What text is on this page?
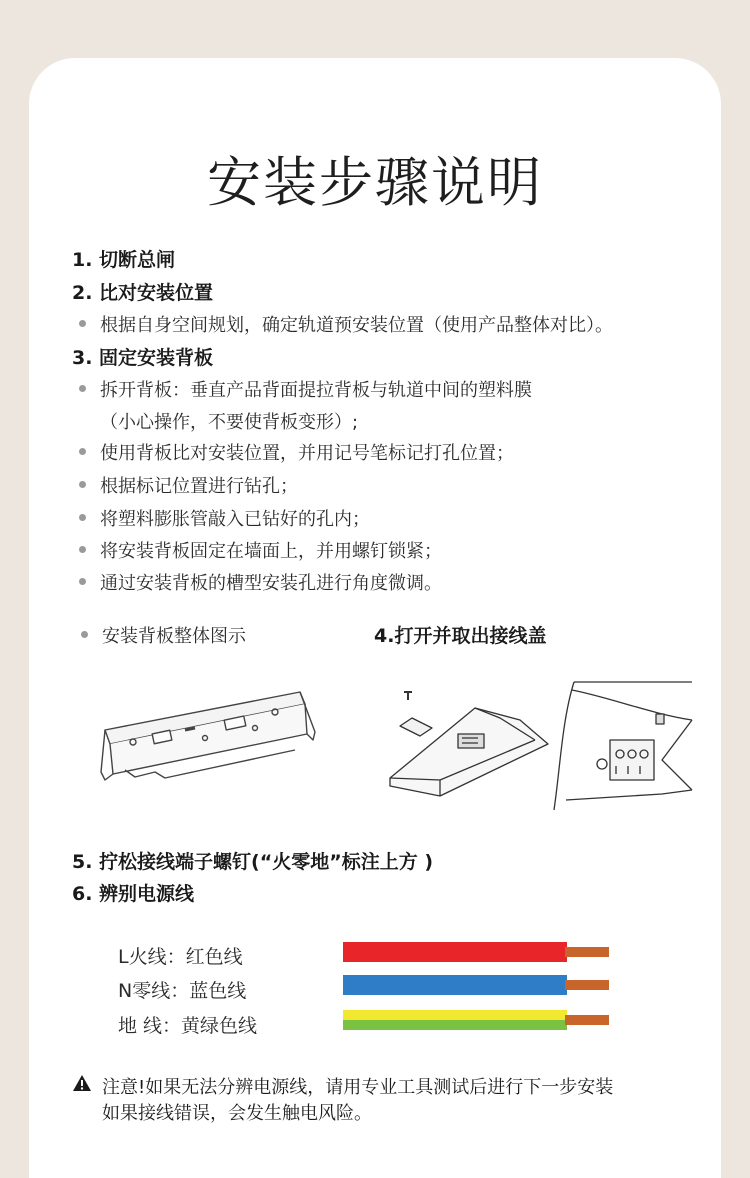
安装步骤说明
1. 切断总闸
2. 比对安装位置
根据自身空间规划，确定轨道预安装位置（使用产品整体对比）。
3. 固定安装背板
拆开背板：垂直产品背面提拉背板与轨道中间的塑料膜
（小心操作，不要使背板变形）;
使用背板比对安装位置，并用记号笔标记打孔位置；
根据标记位置进行钻孔；
将塑料膨胀管敲入已钻好的孔内；
将安装背板固定在墙面上，并用螺钉锁紧；
通过安装背板的槽型安装孔进行角度微调。
安装背板整体图示	4.打开并取出接线盖
5. 拧松接线端子螺钉(“火零地”标注上方 )
6. 辨别电源线
L火线：红色线
N零线：蓝色线
地 线：黄绿色线
注意!如果无法分辨电源线，请用专业工具测试后进行下一步安装
如果接线错误，会发生触电风险。
